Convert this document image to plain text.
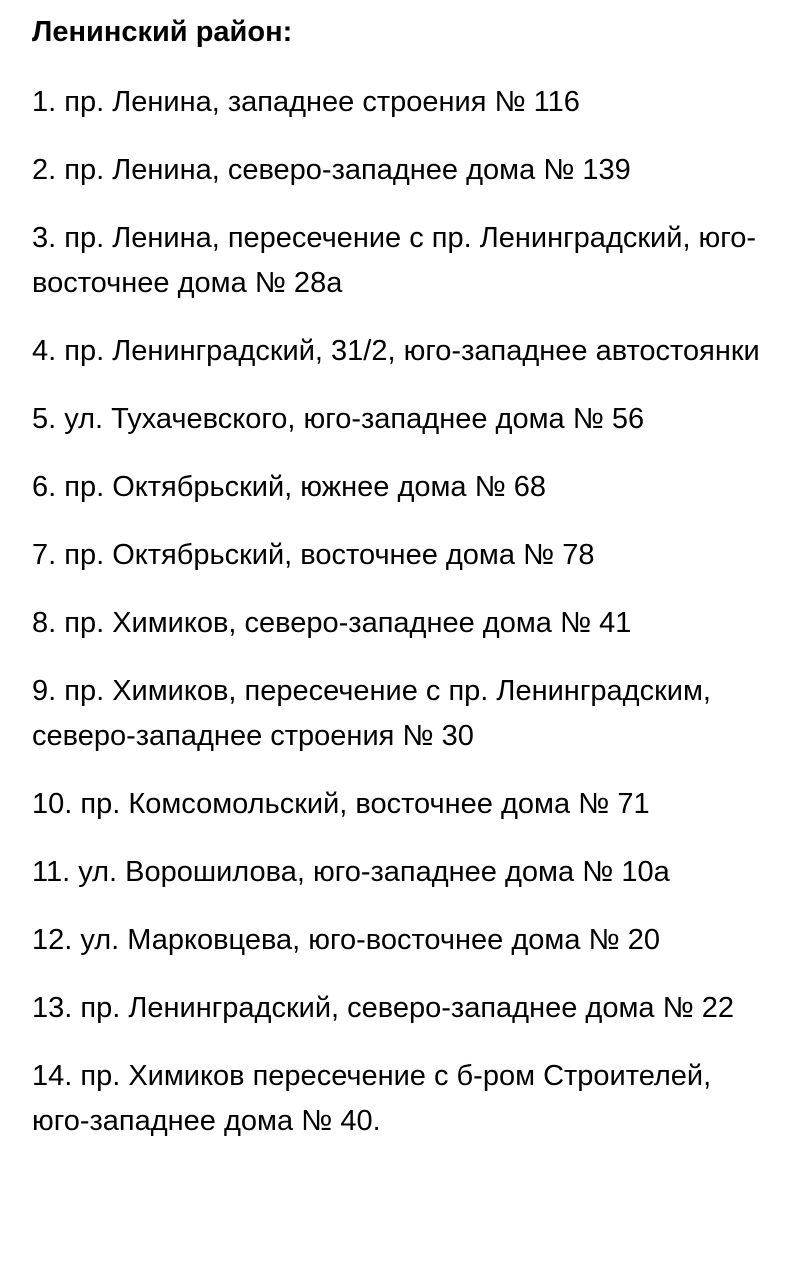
Ленинский район:
1. пр. Ленина, западнее строения № 116
2. пр. Ленина, северо-западнее дома № 139
3. пр. Ленина, пересечение с пр. Ленинградский, юго-восточнее дома № 28а
4. пр. Ленинградский, 31/2, юго-западнее автостоянки
5. ул. Тухачевского, юго-западнее дома № 56
6. пр. Октябрьский, южнее дома № 68
7. пр. Октябрьский, восточнее дома № 78
8. пр. Химиков, северо-западнее дома № 41
9. пр. Химиков, пересечение с пр. Ленинградским, северо-западнее строения № 30
10. пр. Комсомольский, восточнее дома № 71
11. ул. Ворошилова, юго-западнее дома № 10а
12. ул. Марковцева, юго-восточнее дома № 20
13. пр. Ленинградский, северо-западнее дома № 22
14. пр. Химиков пересечение с б-ром Строителей, юго-западнее дома № 40.
